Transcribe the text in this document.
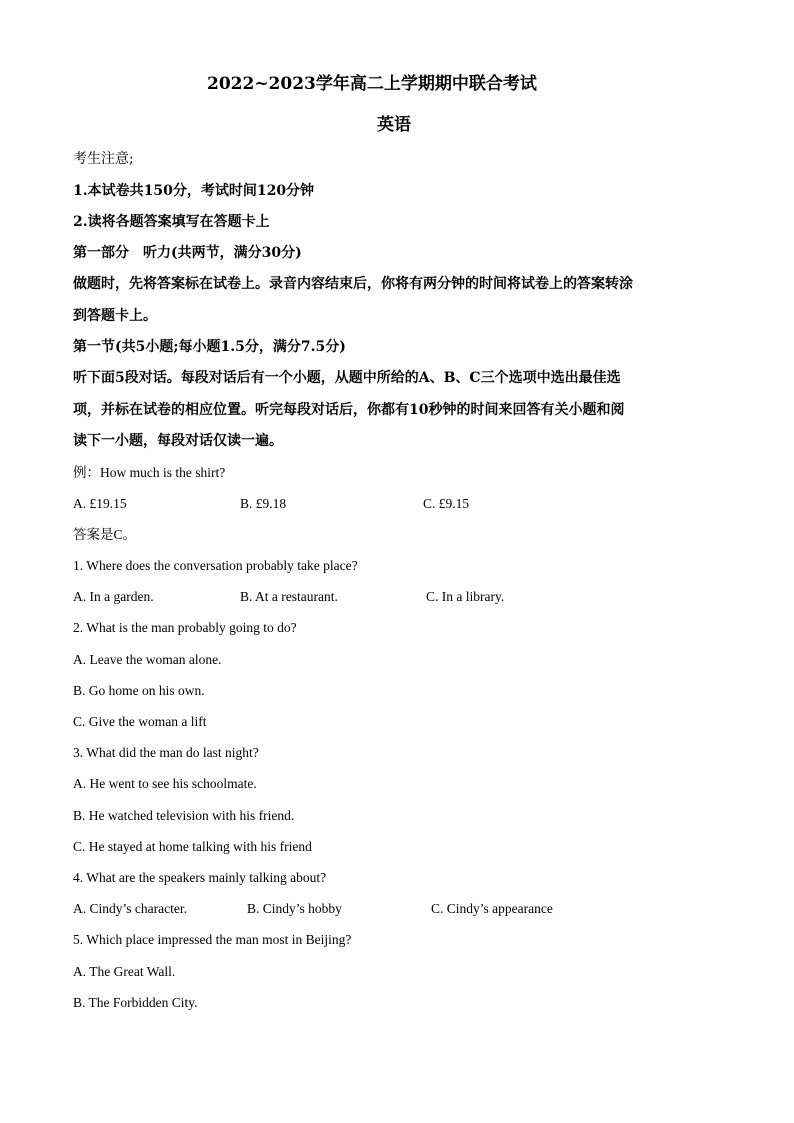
2022~2023学年高二上学期期中联合考试
英语
考生注意;
1.本试卷共150分，考试时间120分钟
2.读将各题答案填写在答题卡上
第一部分　听力(共两节，满分30分)
做题时，先将答案标在试卷上。录音内容结束后，你将有两分钟的时间将试卷上的答案转涂
到答题卡上。
第一节(共5小题;每小题1.5分，满分7.5分)
听下面5段对话。每段对话后有一个小题，从题中所给的A、B、C三个选项中选出最佳选
项，并标在试卷的相应位置。听完每段对话后，你都有10秒钟的时间来回答有关小题和阅
读下一小题，每段对话仅读一遍。
例：How much is the shirt?
A. £19.15	B. £9.18	C. £9.15
答案是C。
1. Where does the conversation probably take place?
A. In a garden.	B. At a restaurant.	C. In a library.
2. What is the man probably going to do?
A. Leave the woman alone.
B. Go home on his own.
C. Give the woman a lift
3. What did the man do last night?
A. He went to see his schoolmate.
B. He watched television with his friend.
C. He stayed at home talking with his friend
4. What are the speakers mainly talking about?
A. Cindy’s character.	B. Cindy’s hobby	C. Cindy’s appearance
5. Which place impressed the man most in Beijing?
A. The Great Wall.
B. The Forbidden City.
